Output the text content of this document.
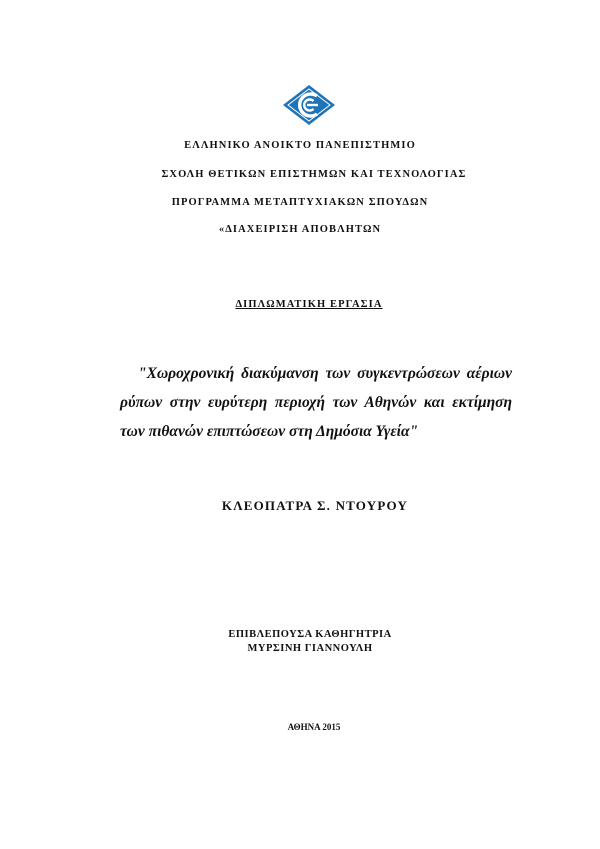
ΕΛΛΗΝΙΚΟ ΑΝΟΙΚΤΟ ΠΑΝΕΠΙΣΤΗΜΙΟ
ΣΧΟΛΗ ΘΕΤΙΚΩΝ ΕΠΙΣΤΗΜΩΝ ΚΑΙ ΤΕΧΝΟΛΟΓΙΑΣ
ΠΡΟΓΡΑΜΜΑ ΜΕΤΑΠΤΥΧΙΑΚΩΝ ΣΠΟΥΔΩΝ
«ΔΙΑΧΕΙΡΙΣΗ ΑΠΟΒΛΗΤΩΝ
ΔΙΠΛΩΜΑΤΙΚΗ ΕΡΓΑΣΙΑ
"Χωροχρονική διακύμανση των συγκεντρώσεων αέριων ρύπων στην ευρύτερη περιοχή των Αθηνών και εκτίμηση των πιθανών επιπτώσεων στη Δημόσια Υγεία"
ΚΛΕΟΠΑΤΡΑ Σ. ΝΤΟΥΡΟΥ
ΕΠΙΒΛΕΠΟΥΣΑ ΚΑΘΗΓΗΤΡΙΑ
ΜΥΡΣΙΝΗ ΓΙΑΝΝΟΥΛΗ
ΑΘΗΝΑ 2015
